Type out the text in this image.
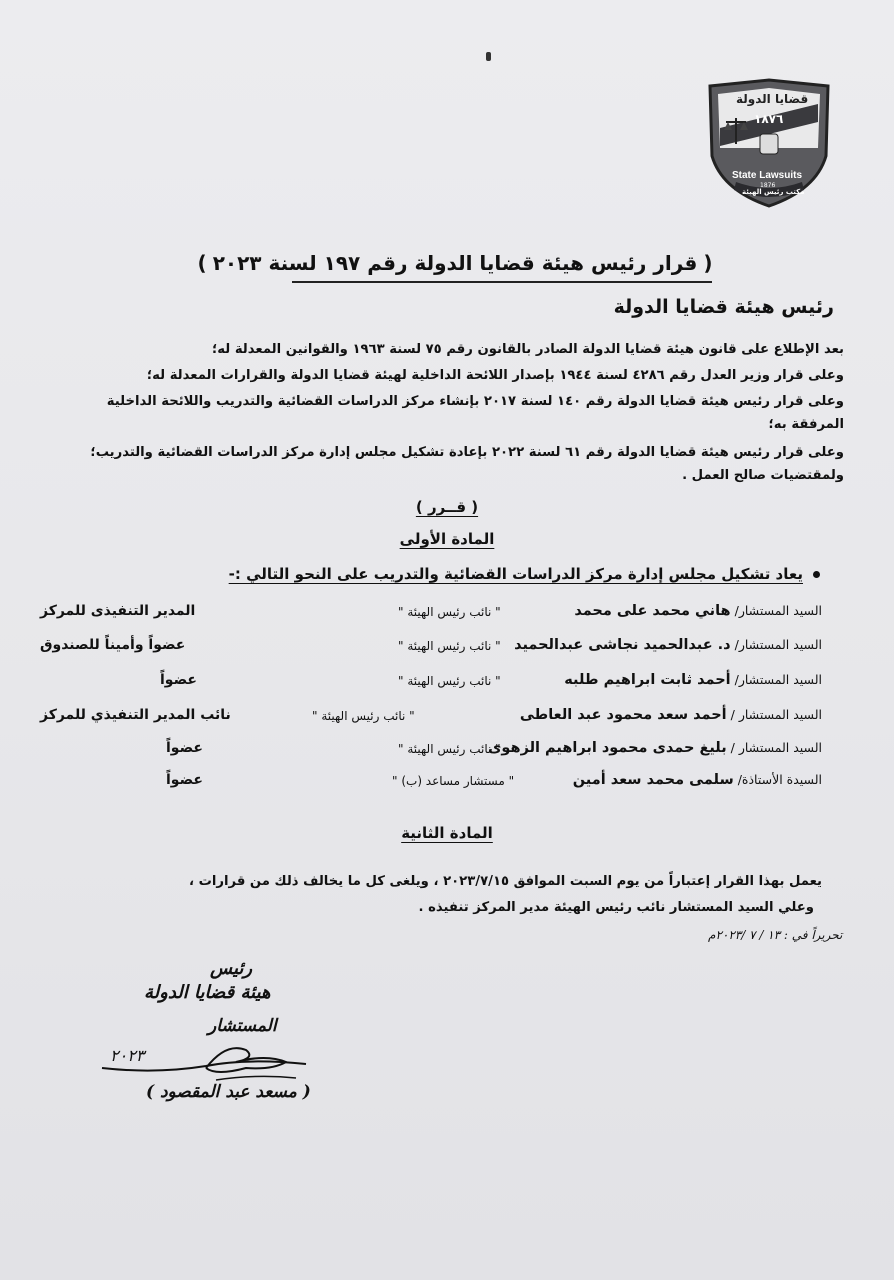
قضايا الدولة
١٨٧٦
State Lawsuits
1876
مكتب رئيس الهيئة
(
قرار رئيس هيئة قضايا الدولة رقم ١٩٧ لسنة ٢٠٢٣
)
رئيس هيئة قضايا الدولة
بعد الإطلاع على قانون هيئة قضايا الدولة الصادر بالقانون رقم ٧٥ لسنة ١٩٦٣ والقوانين المعدلة له؛
وعلى قرار وزير العدل رقم ٤٢٨٦ لسنة ١٩٤٤ بإصدار اللائحة الداخلية لهيئة قضايا الدولة والقرارات المعدلة له؛
وعلى قرار رئيس هيئة قضايا الدولة رقم ١٤٠ لسنة ٢٠١٧ بإنشاء مركز الدراسات القضائية والتدريب واللائحة الداخلية
المرفقة به؛
وعلى قرار رئيس هيئة قضايا الدولة رقم ٦١ لسنة ٢٠٢٢ بإعادة تشكيل مجلس إدارة مركز الدراسات القضائية والتدريب؛
ولمقتضيات صالح العمل .
( قــرر )
المادة الأولى
يعاد تشكيل مجلس إدارة مركز الدراسات القضائية والتدريب على النحو التالي :-
السيد المستشار/ هاني محمد على محمد
" نائب رئيس الهيئة "
المدير التنفيذى للمركز
السيد المستشار/ د. عبدالحميد نجاشى عبدالحميد
" نائب رئيس الهيئة "
عضواً وأميناً للصندوق
السيد المستشار/ أحمد ثابت ابراهيم طلبه
" نائب رئيس الهيئة "
عضواً
السيد المستشار / أحمد سعد محمود عبد العاطى
" نائب رئيس الهيئة "
نائب المدير التنفيذي للمركز
السيد المستشار / بليغ حمدى محمود ابراهيم الزهوى
" نائب رئيس الهيئة "
عضواً
السيدة الأستاذة/ سلمى محمد سعد أمين
" مستشار مساعد (ب) "
عضواً
المادة الثانية
يعمل بهذا القرار إعتباراً من يوم السبت الموافق ٢٠٢٣/٧/١٥ ، ويلغى كل ما يخالف ذلك من قرارات ،
وعلي السيد المستشار نائب رئيس الهيئة مدير المركز تنفيذه .
تحريراً في : ١٣ / ٧ /٢٠٢٣م
رئيس
هيئة قضايا الدولة
المستشار
٢٠٢٣
( مسعد عبد المقصود )
